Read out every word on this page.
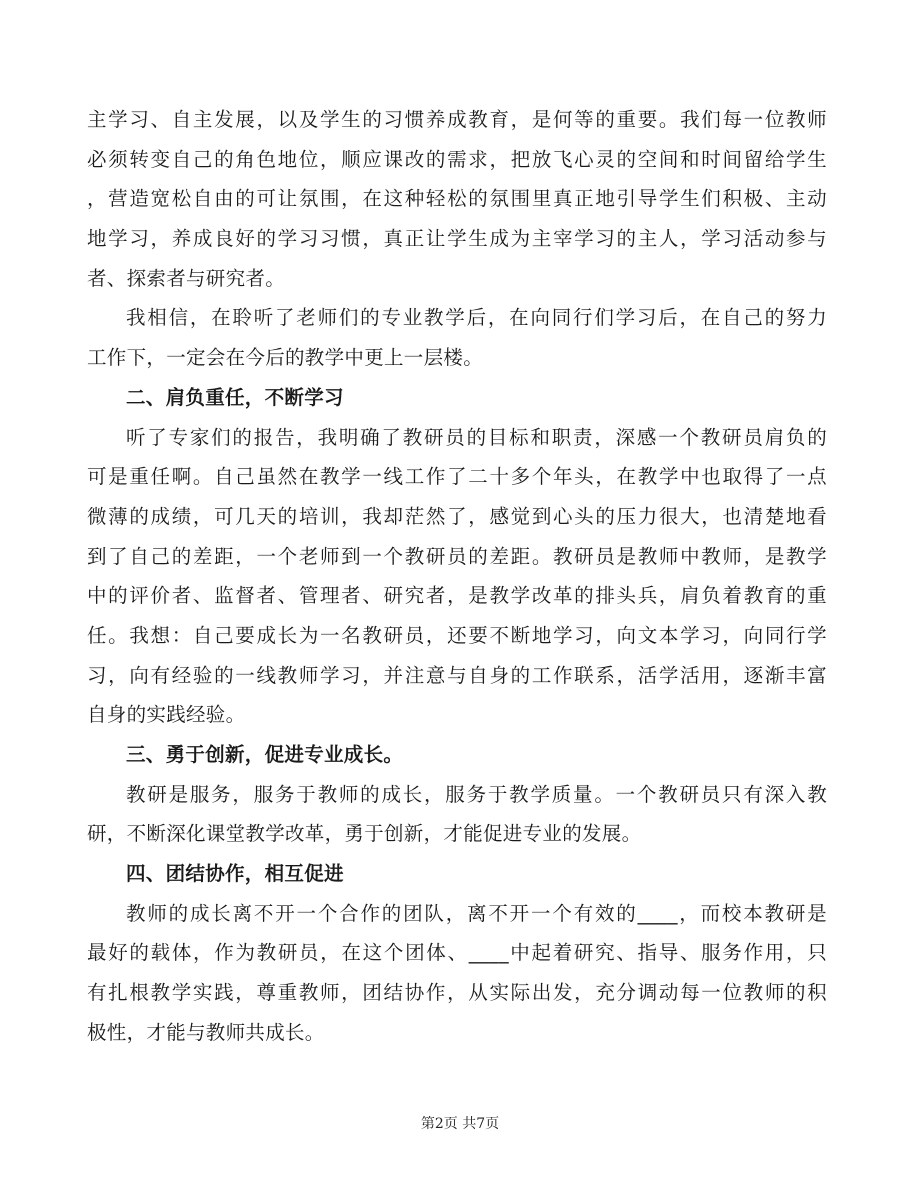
主学习、自主发展，以及学生的习惯养成教育，是何等的重要。我们每一位教师
必须转变自己的角色地位，顺应课改的需求，把放飞心灵的空间和时间留给学生
，营造宽松自由的可让氛围，在这种轻松的氛围里真正地引导学生们积极、主动
地学习，养成良好的学习习惯，真正让学生成为主宰学习的主人，学习活动参与
者、探索者与研究者。
我相信，在聆听了老师们的专业教学后，在向同行们学习后，在自己的努力
工作下，一定会在今后的教学中更上一层楼。
二、肩负重任，不断学习
听了专家们的报告，我明确了教研员的目标和职责，深感一个教研员肩负的
可是重任啊。自己虽然在教学一线工作了二十多个年头，在教学中也取得了一点
微薄的成绩，可几天的培训，我却茫然了，感觉到心头的压力很大，也清楚地看
到了自己的差距，一个老师到一个教研员的差距。教研员是教师中教师，是教学
中的评价者、监督者、管理者、研究者，是教学改革的排头兵，肩负着教育的重
任。我想：自己要成长为一名教研员，还要不断地学习，向文本学习，向同行学
习，向有经验的一线教师学习，并注意与自身的工作联系，活学活用，逐渐丰富
自身的实践经验。
三、勇于创新，促进专业成长。
教研是服务，服务于教师的成长，服务于教学质量。一个教研员只有深入教
研，不断深化课堂教学改革，勇于创新，才能促进专业的发展。
四、团结协作，相互促进
教师的成长离不开一个合作的团队，离不开一个有效的____，而校本教研是
最好的载体，作为教研员，在这个团体、____中起着研究、指导、服务作用，只
有扎根教学实践，尊重教师，团结协作，从实际出发，充分调动每一位教师的积
极性，才能与教师共成长。
第2页 共7页
